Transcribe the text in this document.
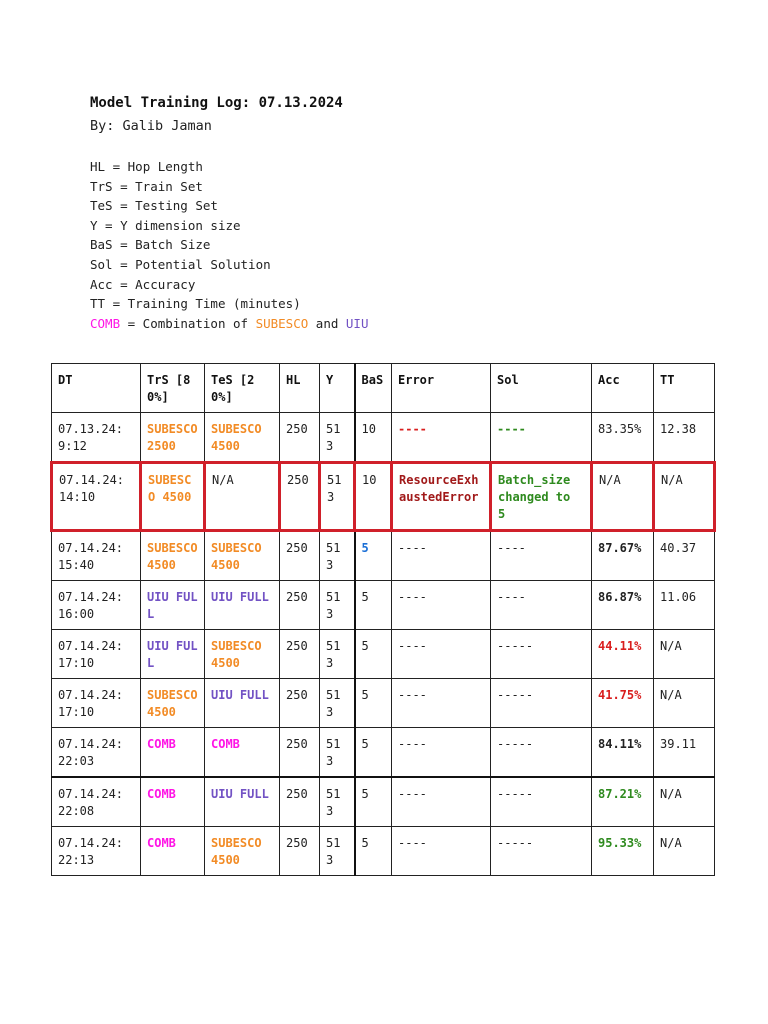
Model Training Log: 07.13.2024

By: Galib Jaman

HL = Hop Length
TrS = Train Set
TeS = Testing Set
Y = Y dimension size
BaS = Batch Size
Sol = Potential Solution
Acc = Accuracy
TT = Training Time (minutes)
COMB = Combination of SUBESCO and UIU
DT	TrS [80%]	TeS [20%]	HL	Y	BaS	Error	Sol	Acc	TT
07.13.24: 9:12	SUBESCO 2500	SUBESCO 4500	250	513	10	----	----	83.35%	12.38
07.14.24: 14:10	SUBESCO 4500	N/A	250	513	10	ResourceExhaustedError	Batch_size changed to 5	N/A	N/A
07.14.24: 15:40	SUBESCO 4500	SUBESCO 4500	250	513	5	----	----	87.67%	40.37
07.14.24: 16:00	UIU FULL	UIU FULL	250	513	5	----	----	86.87%	11.06
07.14.24: 17:10	UIU FULL	SUBESCO 4500	250	513	5	----	-----	44.11%	N/A
07.14.24: 17:10	SUBESCO 4500	UIU FULL	250	513	5	----	-----	41.75%	N/A
07.14.24: 22:03	COMB	COMB	250	513	5	----	-----	84.11%	39.11
07.14.24: 22:08	COMB	UIU FULL	250	513	5	----	-----	87.21%	N/A
07.14.24: 22:13	COMB	SUBESCO 4500	250	513	5	----	-----	95.33%	N/A
